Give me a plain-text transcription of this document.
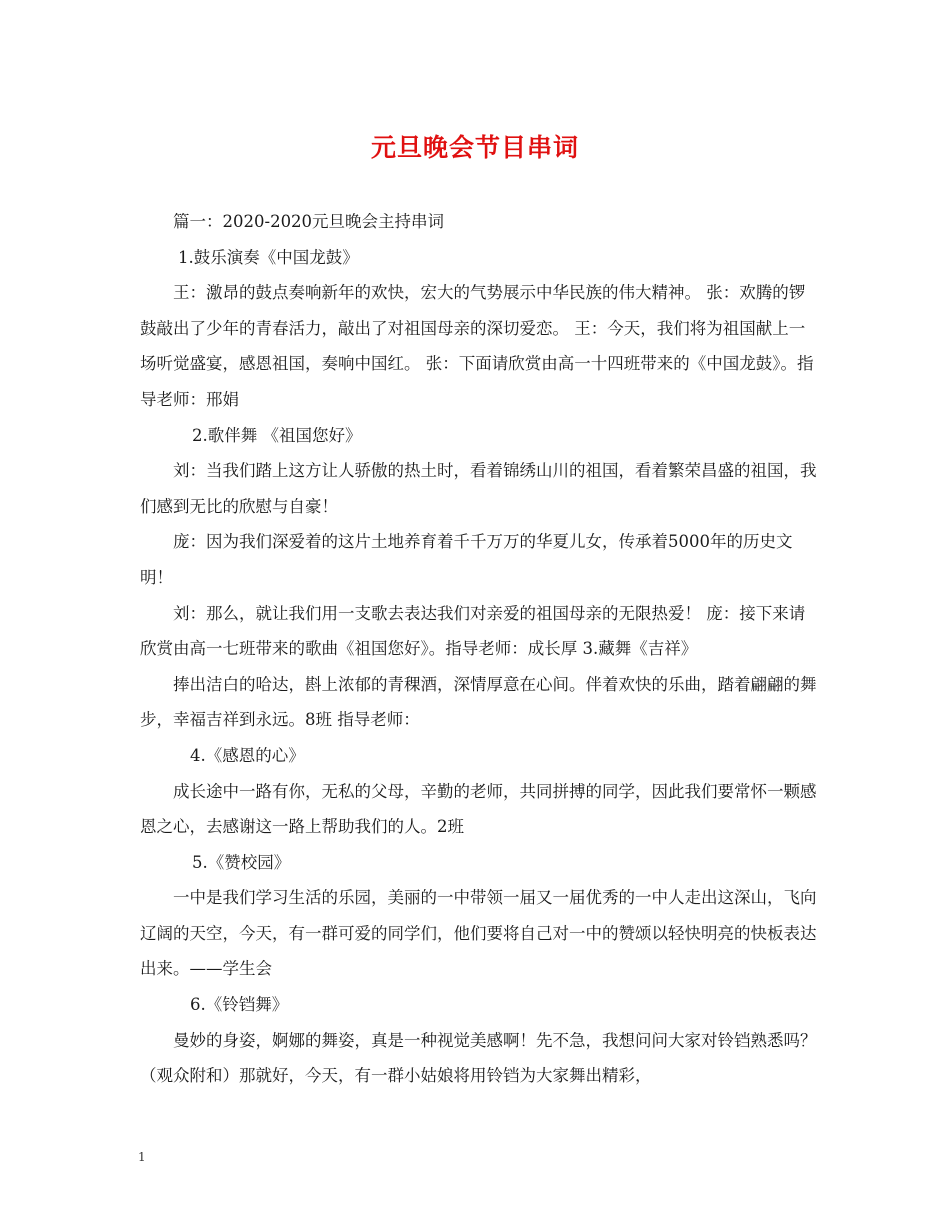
元旦晚会节目串词

篇一：2020-2020元旦晚会主持串词

1.鼓乐演奏《中国龙鼓》

王：激昂的鼓点奏响新年的欢快，宏大的气势展示中华民族的伟大精神。 张：欢腾的锣鼓敲出了少年的青春活力，敲出了对祖国母亲的深切爱恋。 王：今天，我们将为祖国献上一场听觉盛宴，感恩祖国，奏响中国红。 张：下面请欣赏由高一十四班带来的《中国龙鼓》。指导老师：邢娟

2.歌伴舞 《祖国您好》

刘：当我们踏上这方让人骄傲的热土时，看着锦绣山川的祖国，看着繁荣昌盛的祖国，我们感到无比的欣慰与自豪！

庞：因为我们深爱着的这片土地养育着千千万万的华夏儿女，传承着5000年的历史文明！

刘：那么，就让我们用一支歌去表达我们对亲爱的祖国母亲的无限热爱！ 庞：接下来请欣赏由高一七班带来的歌曲《祖国您好》。指导老师：成长厚 3.藏舞《吉祥》

捧出洁白的哈达，斟上浓郁的青稞酒，深情厚意在心间。伴着欢快的乐曲，踏着翩翩的舞步，幸福吉祥到永远。8班 指导老师：

4.《感恩的心》

成长途中一路有你，无私的父母，辛勤的老师，共同拼搏的同学，因此我们要常怀一颗感恩之心，去感谢这一路上帮助我们的人。2班

5.《赞校园》

一中是我们学习生活的乐园，美丽的一中带领一届又一届优秀的一中人走出这深山，飞向辽阔的天空，今天，有一群可爱的同学们，他们要将自己对一中的赞颂以轻快明亮的快板表达出来。——学生会

6.《铃铛舞》

曼妙的身姿，婀娜的舞姿，真是一种视觉美感啊！先不急，我想问问大家对铃铛熟悉吗？（观众附和）那就好，今天，有一群小姑娘将用铃铛为大家舞出精彩，

1
